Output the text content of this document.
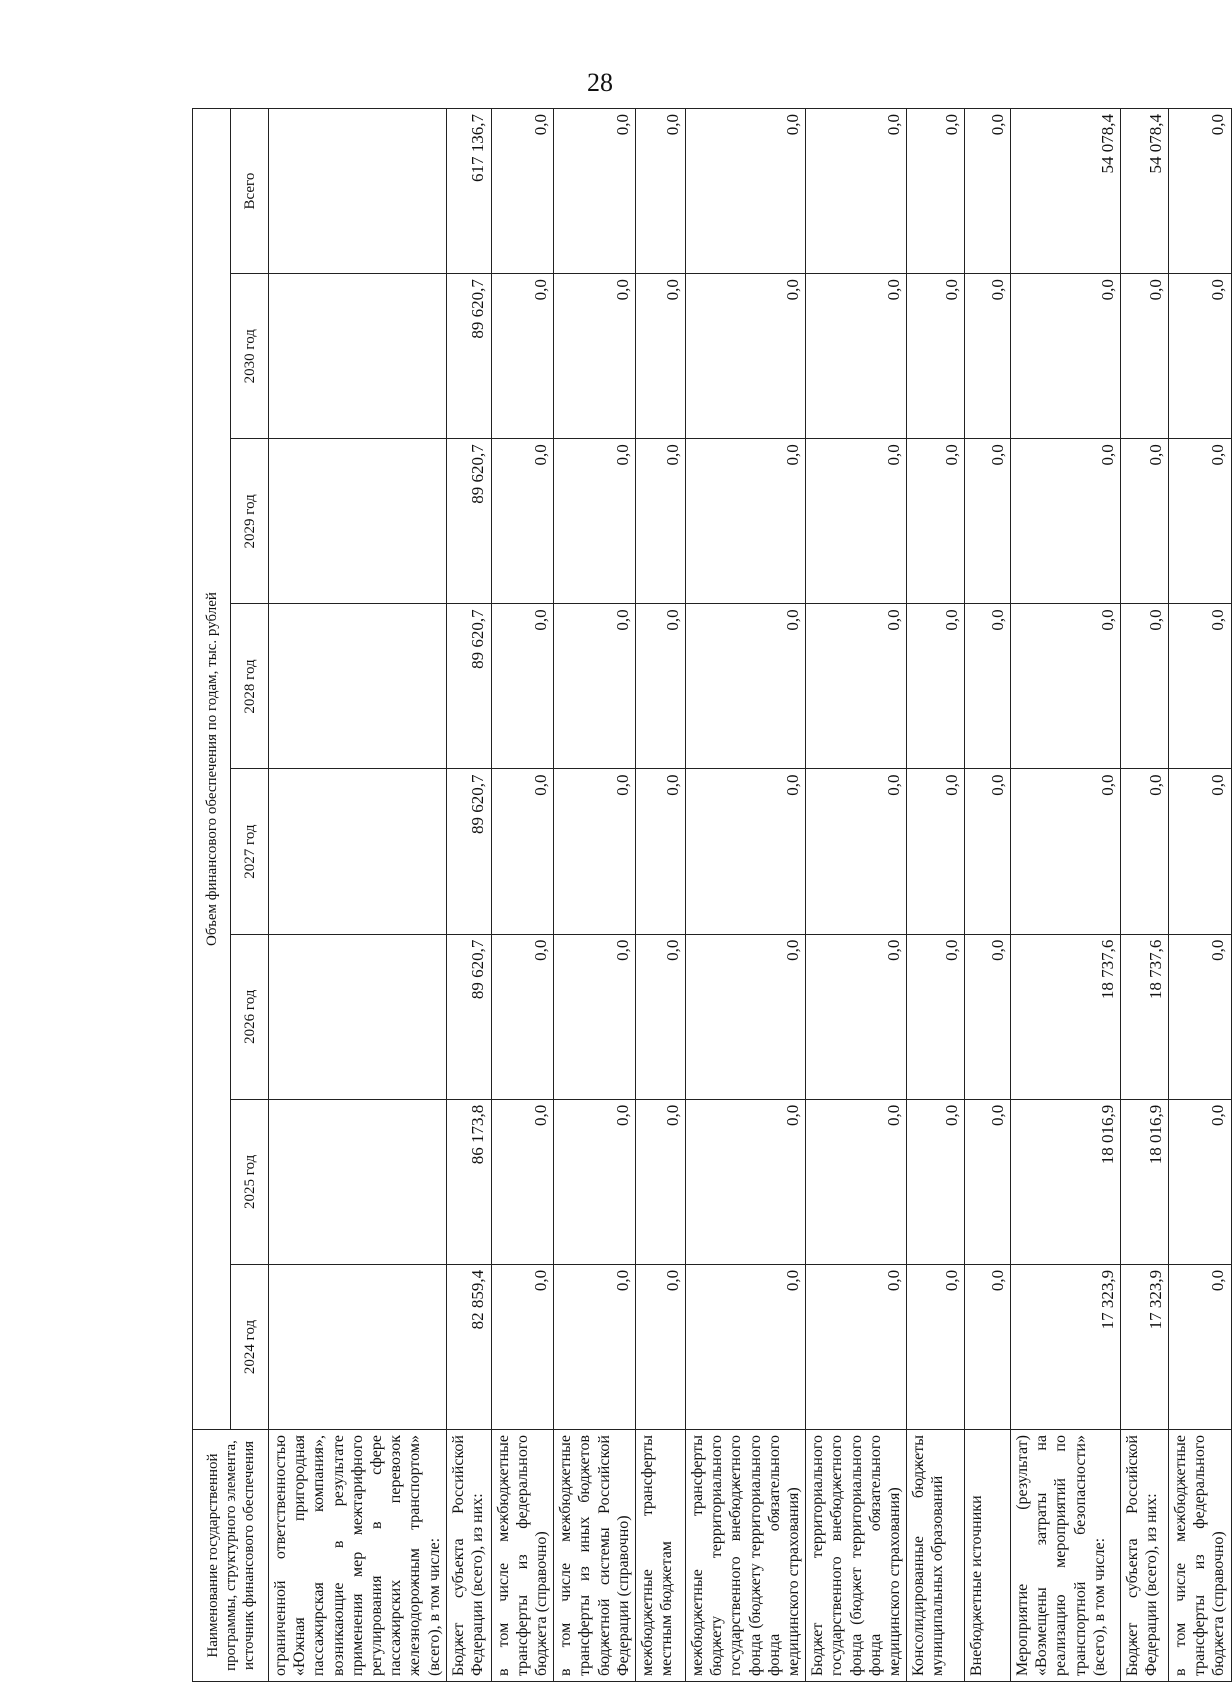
28
Наименование государственной программы, структурного элемента, источник финансового обеспечения	Объем финансового обеспечения по годам, тыс. рублей							
	2024 год	2025 год	2026 год	2027 год	2028 год	2029 год	2030 год	Всего
ограниченной ответственностью «Южная пригородная пассажирская компания», возникающие в результате применения мер межтарифного регулирования в сфере пассажирских перевозок железнодорожным транспортом» (всего), в том числе:								
Бюджет субъекта Российской Федерации (всего), из них:	82 859,4	86 173,8	89 620,7	89 620,7	89 620,7	89 620,7	89 620,7	617 136,7
в том числе межбюджетные трансферты из федерального бюджета (справочно)	0,0	0,0	0,0	0,0	0,0	0,0	0,0	0,0
в том числе межбюджетные трансферты из иных бюджетов бюджетной системы Российской Федерации (справочно)	0,0	0,0	0,0	0,0	0,0	0,0	0,0	0,0
межбюджетные трансферты местным бюджетам	0,0	0,0	0,0	0,0	0,0	0,0	0,0	0,0
межбюджетные трансферты бюджету территориального государственного внебюджетного фонда (бюджету территориального фонда обязательного медицинского страхования)	0,0	0,0	0,0	0,0	0,0	0,0	0,0	0,0
Бюджет территориального государственного внебюджетного фонда (бюджет территориального фонда обязательного медицинского страхования)	0,0	0,0	0,0	0,0	0,0	0,0	0,0	0,0
Консолидированные бюджеты муниципальных образований	0,0	0,0	0,0	0,0	0,0	0,0	0,0	0,0
Внебюджетные источники	0,0	0,0	0,0	0,0	0,0	0,0	0,0	0,0
Мероприятие (результат) «Возмещены затраты на реализацию мероприятий по транспортной безопасности» (всего), в том числе:	17 323,9	18 016,9	18 737,6	0,0	0,0	0,0	0,0	54 078,4
Бюджет субъекта Российской Федерации (всего), из них:	17 323,9	18 016,9	18 737,6	0,0	0,0	0,0	0,0	54 078,4
в том числе межбюджетные трансферты из федерального бюджета (справочно)	0,0	0,0	0,0	0,0	0,0	0,0	0,0	0,0
